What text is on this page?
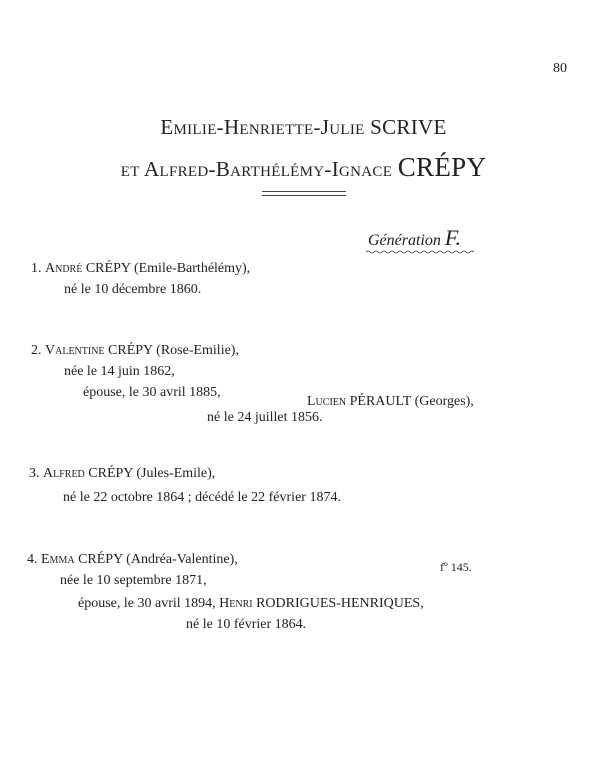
80
Emilie-Henriette-Julie SCRIVE
et Alfred-Barthélémy-Ignace CRÉPY
Génération F.
1. André CRÉPY (Emile-Barthélémy),
né le 10 décembre 1860.
2. Valentine CRÉPY (Rose-Emilie),
née le 14 juin 1862,
épouse, le 30 avril 1885,
Lucien PÉRAULT (Georges),
né le 24 juillet 1856.
3. Alfred CRÉPY (Jules-Emile),
né le 22 octobre 1864 ; décédé le 22 février 1874.
4. Emma CRÉPY (Andréa-Valentine),	fº 145.
née le 10 septembre 1871,
épouse, le 30 avril 1894, Henri RODRIGUES-HENRIQUES,
né le 10 février 1864.
